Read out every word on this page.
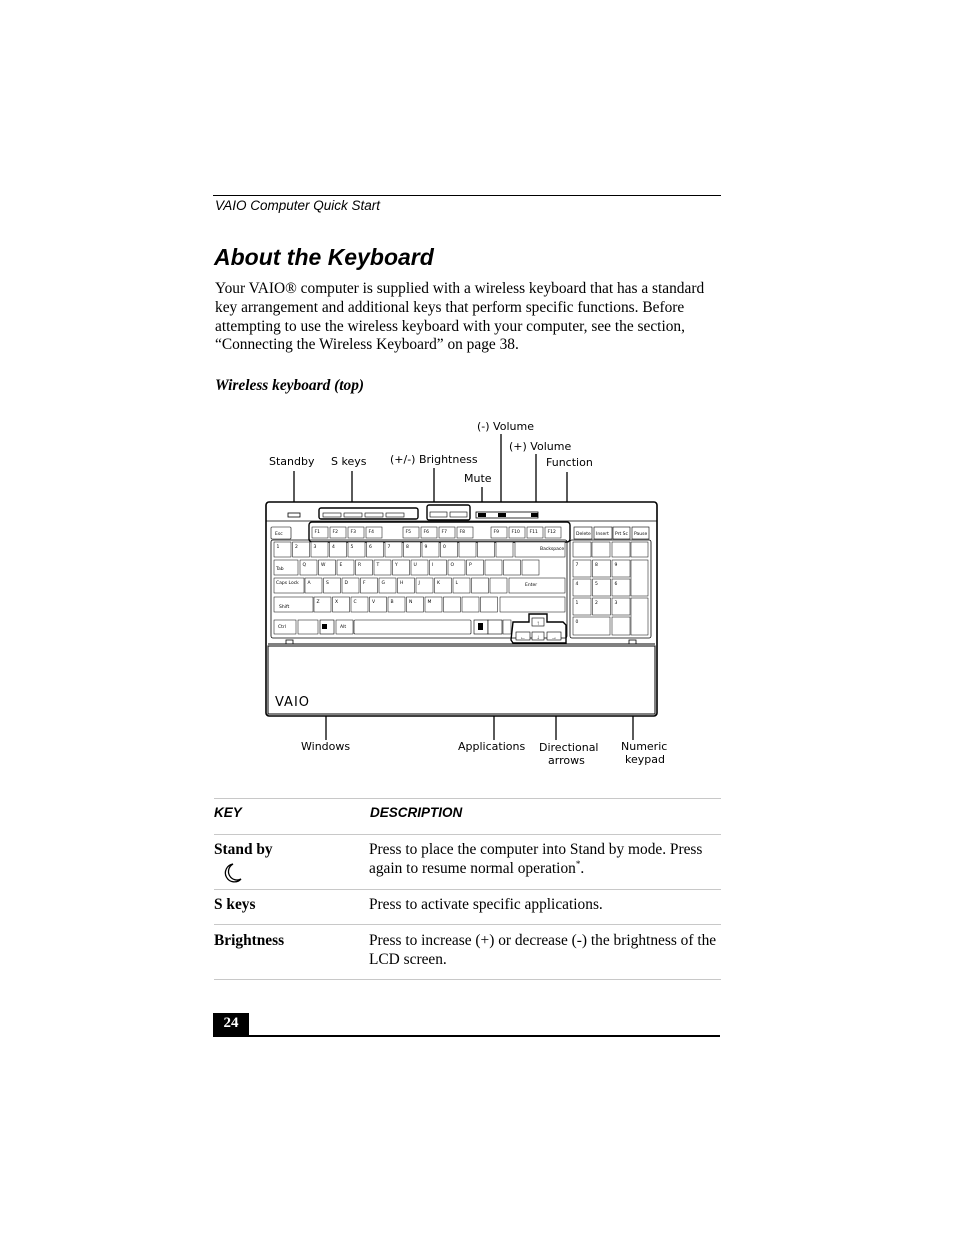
VAIO Computer Quick Start
About the Keyboard

Your VAIO® computer is supplied with a wireless keyboard that has a standard
key arrangement and additional keys that perform specific functions. Before
attempting to use the wireless keyboard with your computer, see the section,
“Connecting the Wireless Keyboard” on page 38.

Wireless keyboard (top)
(-) Volume
(+) Volume
Standby S keys (+/-) Brightness	Function
Mute
Windows	Applications Directional
arrows
Numeric
keypad
Esc	F1	F2	F3	F4	F5	F6	F7	F8	F9	F10 F11 F12	Delete Insert Prt Sc Pause
1	2	3	4	5	6	7	8	9	0
Q	W	E	R	T	Y	U	I	O	P
A	S	D	F	G	H	J	K	L
Z	X	C	V	B	N	M
7	8	9
4	5	6
1	2	3
0
Tab
Caps Lock
Shift
Ctrl	Alt
Enter
Backspace
↑
← ↓ →
VAIO
KEY	DESCRIPTION
Stand by	Press to place the computer into Stand by mode. Press
again to resume normal operation*.
S keys	Press to activate specific applications.
Brightness	Press to increase (+) or decrease (-) the brightness of the
LCD screen.
24
